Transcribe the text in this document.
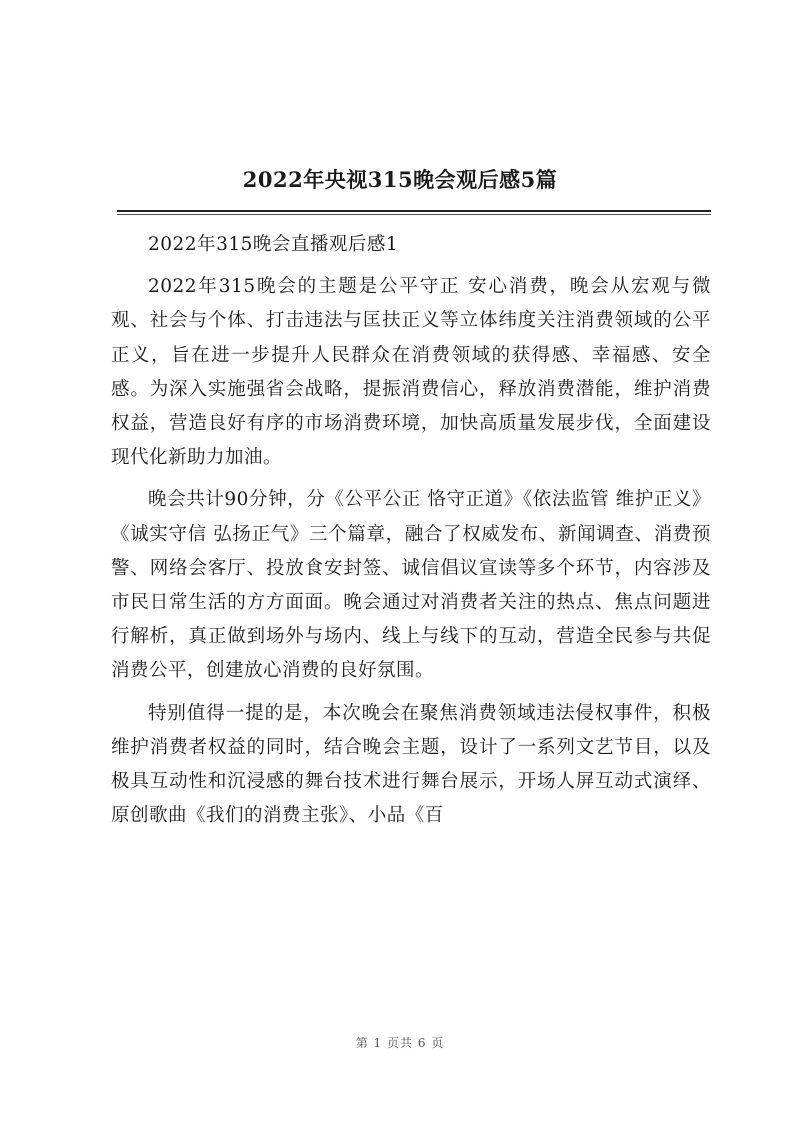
2022年央视315晚会观后感5篇

2022年315晚会直播观后感1

2022年315晚会的主题是公平守正 安心消费，晚会从宏观与微观、社会与个体、打击违法与匡扶正义等立体纬度关注消费领域的公平正义，旨在进一步提升人民群众在消费领域的获得感、幸福感、安全感。为深入实施强省会战略，提振消费信心，释放消费潜能，维护消费权益，营造良好有序的市场消费环境，加快高质量发展步伐，全面建设现代化新助力加油。

晚会共计90分钟，分《公平公正 恪守正道》《依法监管 维护正义》《诚实守信 弘扬正气》三个篇章，融合了权威发布、新闻调查、消费预警、网络会客厅、投放食安封签、诚信倡议宣读等多个环节，内容涉及市民日常生活的方方面面。晚会通过对消费者关注的热点、焦点问题进行解析，真正做到场外与场内、线上与线下的互动，营造全民参与共促消费公平，创建放心消费的良好氛围。

特别值得一提的是，本次晚会在聚焦消费领域违法侵权事件，积极维护消费者权益的同时，结合晚会主题，设计了一系列文艺节目，以及极具互动性和沉浸感的舞台技术进行舞台展示，开场人屏互动式演绎、原创歌曲《我们的消费主张》、小品《百

第 1 页共 6 页
